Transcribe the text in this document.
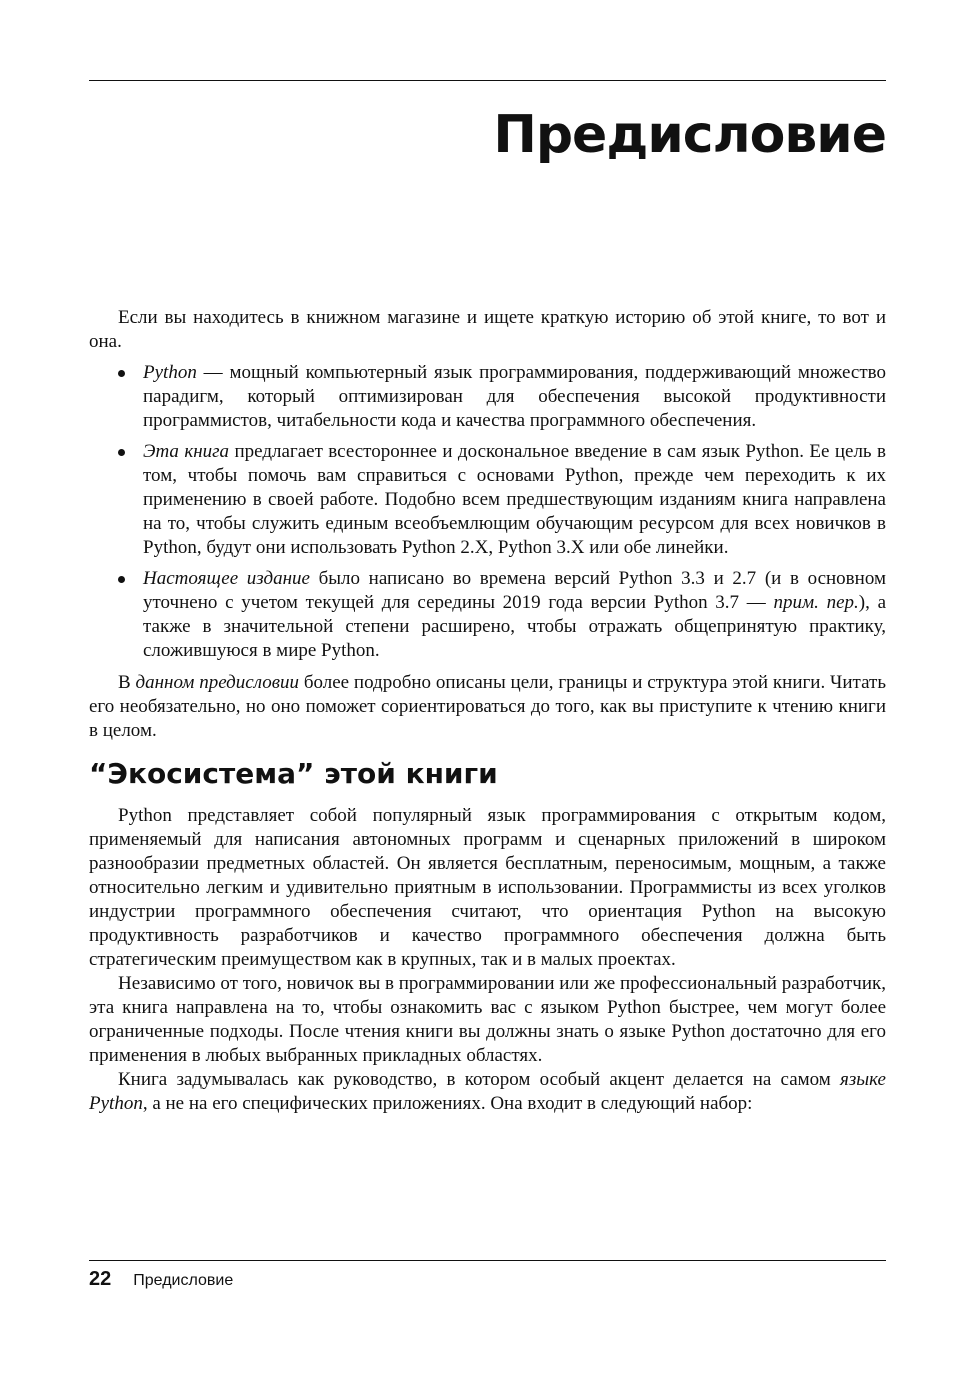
Предисловие

Если вы находитесь в книжном магазине и ищете краткую историю об этой книге, то вот и она.

Python — мощный компьютерный язык программирования, поддерживающий множество парадигм, который оптимизирован для обеспечения высокой продуктивности программистов, читабельности кода и качества программного обеспечения.
Эта книга предлагает всестороннее и доскональное введение в сам язык Python. Ее цель в том, чтобы помочь вам справиться с основами Python, прежде чем переходить к их применению в своей работе. Подобно всем предшествующим изданиям книга направлена на то, чтобы служить единым всеобъемлющим обучающим ресурсом для всех новичков в Python, будут они использовать Python 2.X, Python 3.X или обе линейки.
Настоящее издание было написано во времена версий Python 3.3 и 2.7 (и в основном уточнено с учетом текущей для середины 2019 года версии Python 3.7 — прим. пер.), а также в значительной степени расширено, чтобы отражать общепринятую практику, сложившуюся в мире Python.

В данном предисловии более подробно описаны цели, границы и структура этой книги. Читать его необязательно, но оно поможет сориентироваться до того, как вы приступите к чтению книги в целом.

“Экосистема” этой книги

Python представляет собой популярный язык программирования с открытым кодом, применяемый для написания автономных программ и сценарных приложений в широком разнообразии предметных областей. Он является бесплатным, переносимым, мощным, а также относительно легким и удивительно приятным в использовании. Программисты из всех уголков индустрии программного обеспечения считают, что ориентация Python на высокую продуктивность разработчиков и качество программного обеспечения должна быть стратегическим преимуществом как в крупных, так и в малых проектах.

Независимо от того, новичок вы в программировании или же профессиональный разработчик, эта книга направлена на то, чтобы ознакомить вас с языком Python быстрее, чем могут более ограниченные подходы. После чтения книги вы должны знать о языке Python достаточно для его применения в любых выбранных прикладных областях.

Книга задумывалась как руководство, в котором особый акцент делается на самом языке Python, а не на его специфических приложениях. Она входит в следующий набор:

22 Предисловие
